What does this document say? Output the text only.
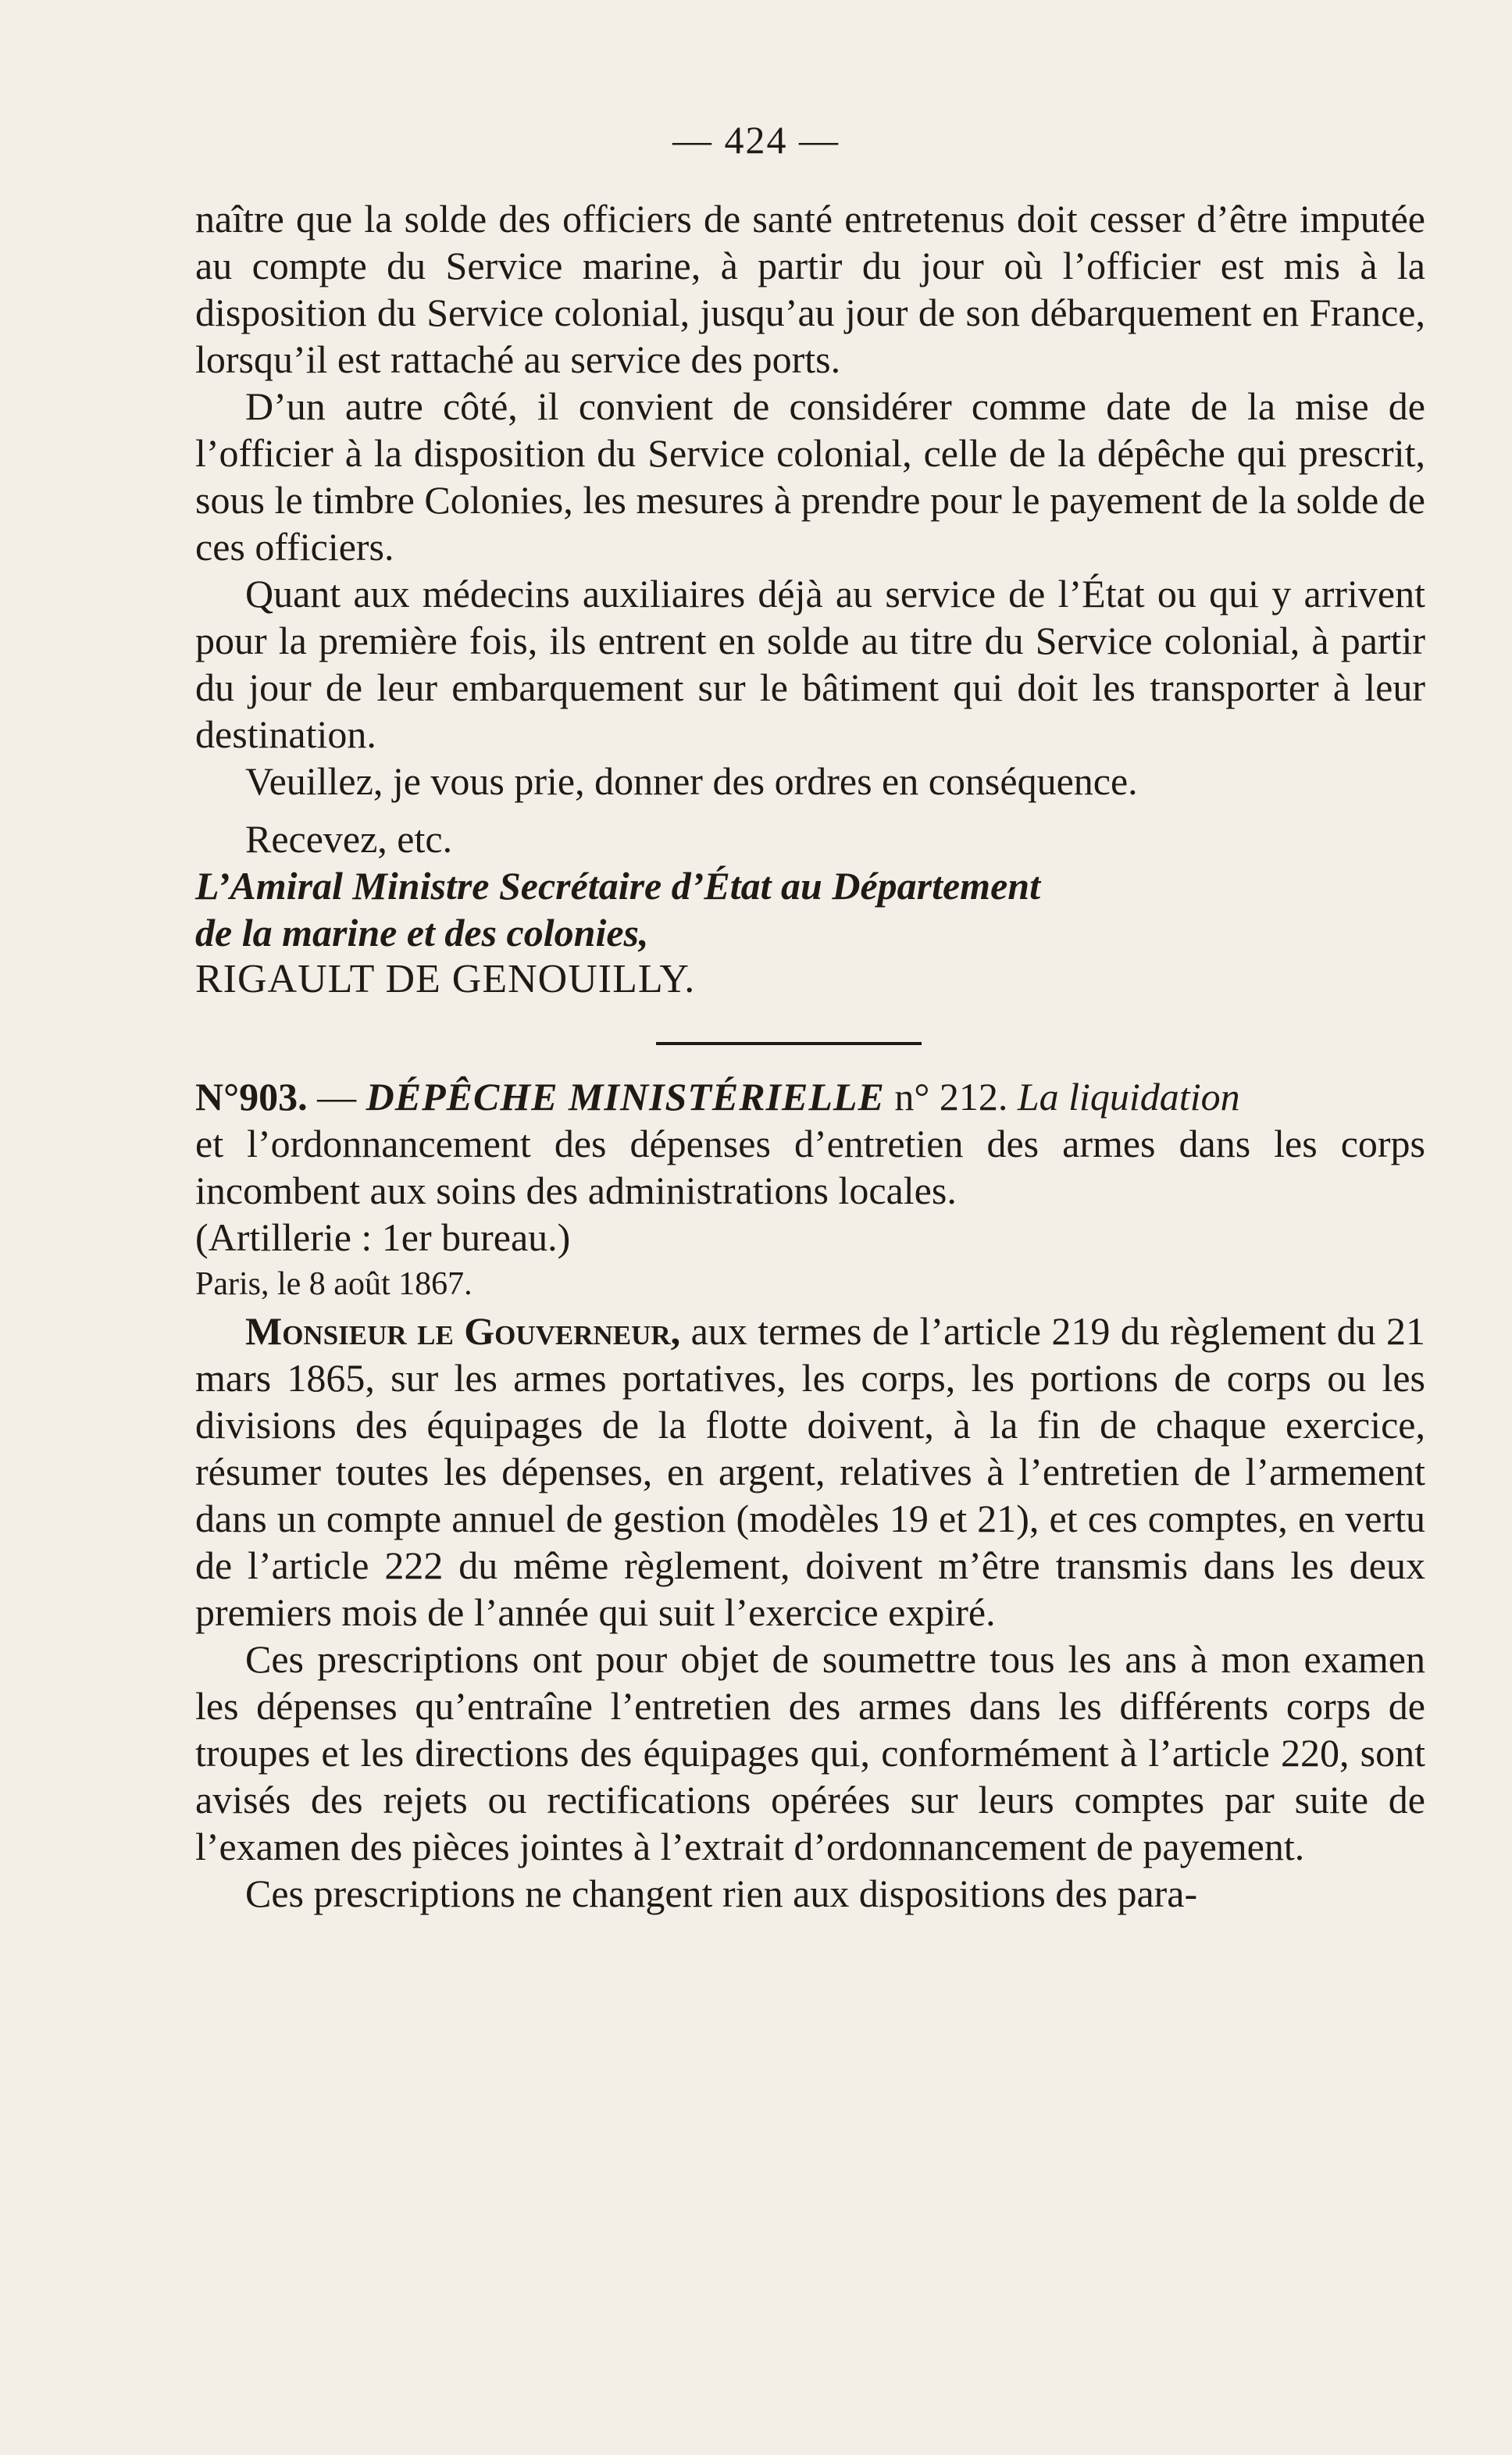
— 424 —

naître que la solde des officiers de santé entretenus doit cesser d’être imputée au compte du Service marine, à partir du jour où l’officier est mis à la disposition du Service colonial, jusqu’au jour de son débarquement en France, lorsqu’il est rattaché au service des ports.

D’un autre côté, il convient de considérer comme date de la mise de l’officier à la disposition du Service colonial, celle de la dépêche qui prescrit, sous le timbre Colonies, les mesures à prendre pour le payement de la solde de ces officiers.

Quant aux médecins auxiliaires déjà au service de l’État ou qui y arrivent pour la première fois, ils entrent en solde au titre du Service colonial, à partir du jour de leur embarquement sur le bâtiment qui doit les transporter à leur destination.

Veuillez, je vous prie, donner des ordres en conséquence.

Recevez, etc.

L’Amiral Ministre Secrétaire d’État au Département

de la marine et des colonies,

RIGAULT DE GENOUILLY.

N°903. — DÉPÊCHE MINISTÉRIELLE n° 212. La liquidation

et l’ordonnancement des dépenses d’entretien des armes dans les corps incombent aux soins des administrations locales.

(Artillerie : 1er bureau.)

Paris, le 8 août 1867.

Monsieur le Gouverneur, aux termes de l’article 219 du règlement du 21 mars 1865, sur les armes portatives, les corps, les portions de corps ou les divisions des équipages de la flotte doivent, à la fin de chaque exercice, résumer toutes les dépenses, en argent, relatives à l’entretien de l’armement dans un compte annuel de gestion (modèles 19 et 21), et ces comptes, en vertu de l’article 222 du même règlement, doivent m’être transmis dans les deux premiers mois de l’année qui suit l’exercice expiré.

Ces prescriptions ont pour objet de soumettre tous les ans à mon examen les dépenses qu’entraîne l’entretien des armes dans les différents corps de troupes et les directions des équipages qui, conformément à l’article 220, sont avisés des rejets ou rectifications opérées sur leurs comptes par suite de l’examen des pièces jointes à l’extrait d’ordonnancement de payement.

Ces prescriptions ne changent rien aux dispositions des para-
